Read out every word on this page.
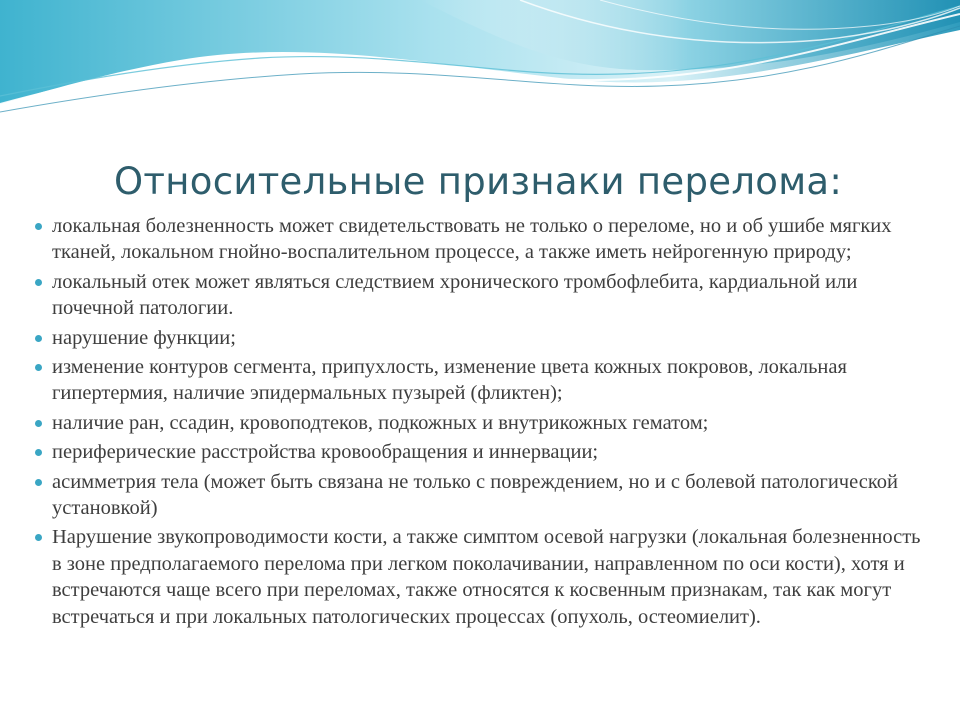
Относительные признаки перелома:
локальная болезненность может свидетельствовать не только о переломе, но и об ушибе мягких тканей, локальном гнойно-воспалительном процессе, а также иметь нейрогенную природу;
локальный отек может являться следствием хронического тромбофлебита, кардиальной или почечной патологии.
нарушение функции;
изменение контуров сегмента, припухлость, изменение цвета кожных покровов, локальная гипертермия, наличие эпидермальных пузырей (фликтен);
наличие ран, ссадин, кровоподтеков, подкожных и внутрикожных гематом;
периферические расстройства кровообращения и иннервации;
асимметрия тела (может быть связана не только с повреждением, но и с болевой патологической установкой)
Нарушение звукопроводимости кости, а также симптом осевой нагрузки (локальная болезненность в зоне предполагаемого перелома при легком поколачивании, направленном по оси кости), хотя и встречаются чаще всего при переломах, также относятся к косвенным признакам, так как могут встречаться и при локальных патологических процессах (опухоль, остеомиелит).
